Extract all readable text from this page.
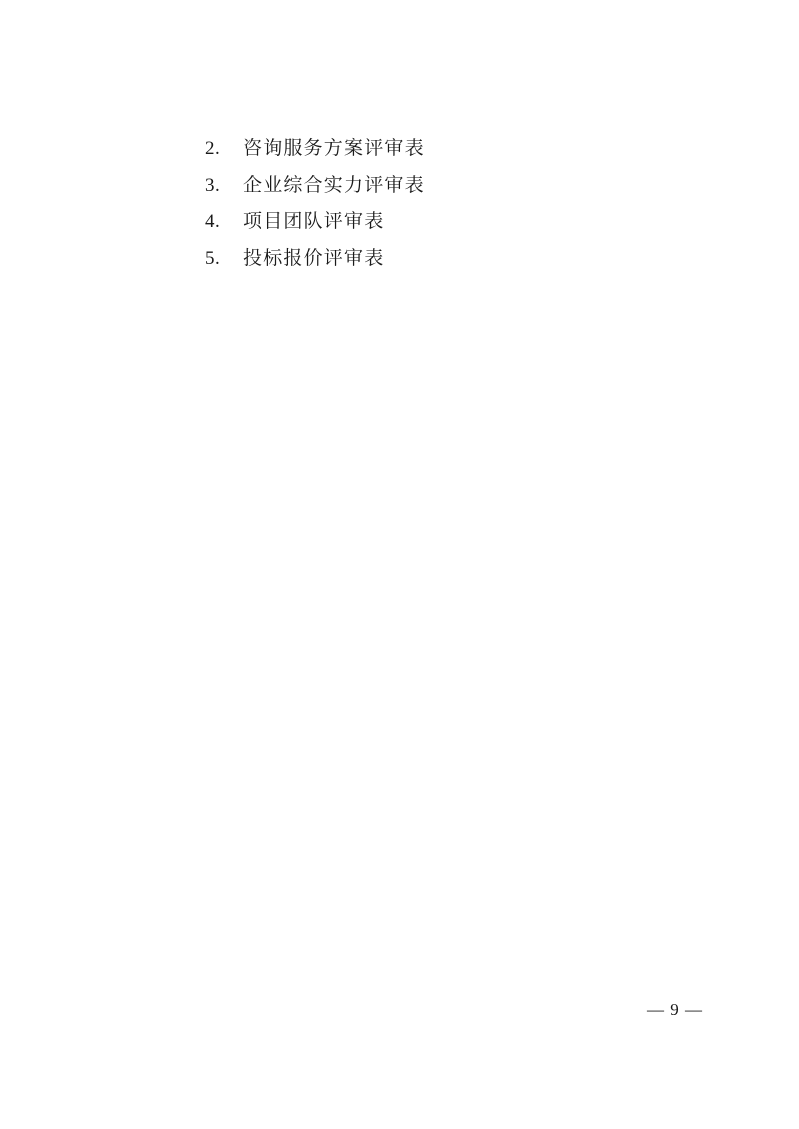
2.	咨询服务方案评审表
3.	企业综合实力评审表
4.	项目团队评审表
5.	投标报价评审表
— 9 —
